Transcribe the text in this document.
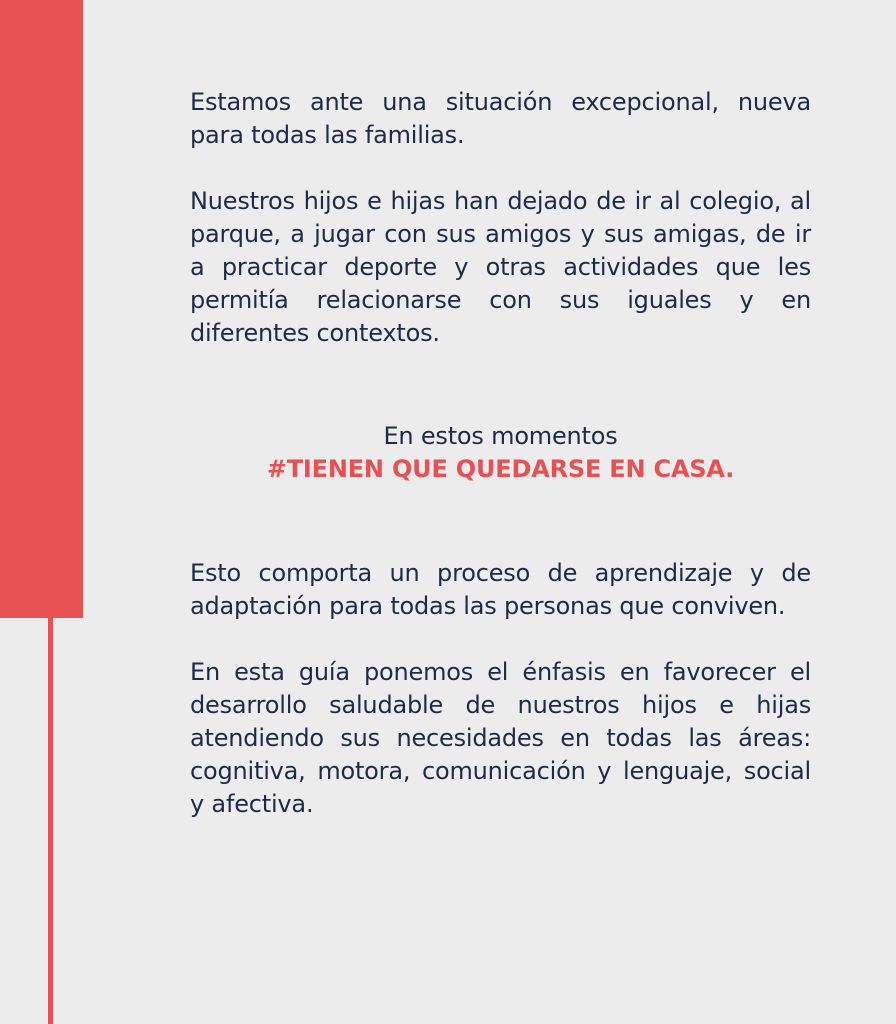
Estamos ante una situación excepcional, nueva para todas las familias.

Nuestros hijos e hijas han dejado de ir al colegio, al parque, a jugar con sus amigos y sus amigas, de ir a practicar deporte y otras actividades que les permitía relacionarse con sus iguales y en diferentes contextos.

En estos momentos
#TIENEN QUE QUEDARSE EN CASA.

Esto comporta un proceso de aprendizaje y de adaptación para todas las personas que conviven.

En esta guía ponemos el énfasis en favorecer el desarrollo saludable de nuestros hijos e hijas atendiendo sus necesidades en todas las áreas: cognitiva, motora, comunicación y lenguaje, social y afectiva.
